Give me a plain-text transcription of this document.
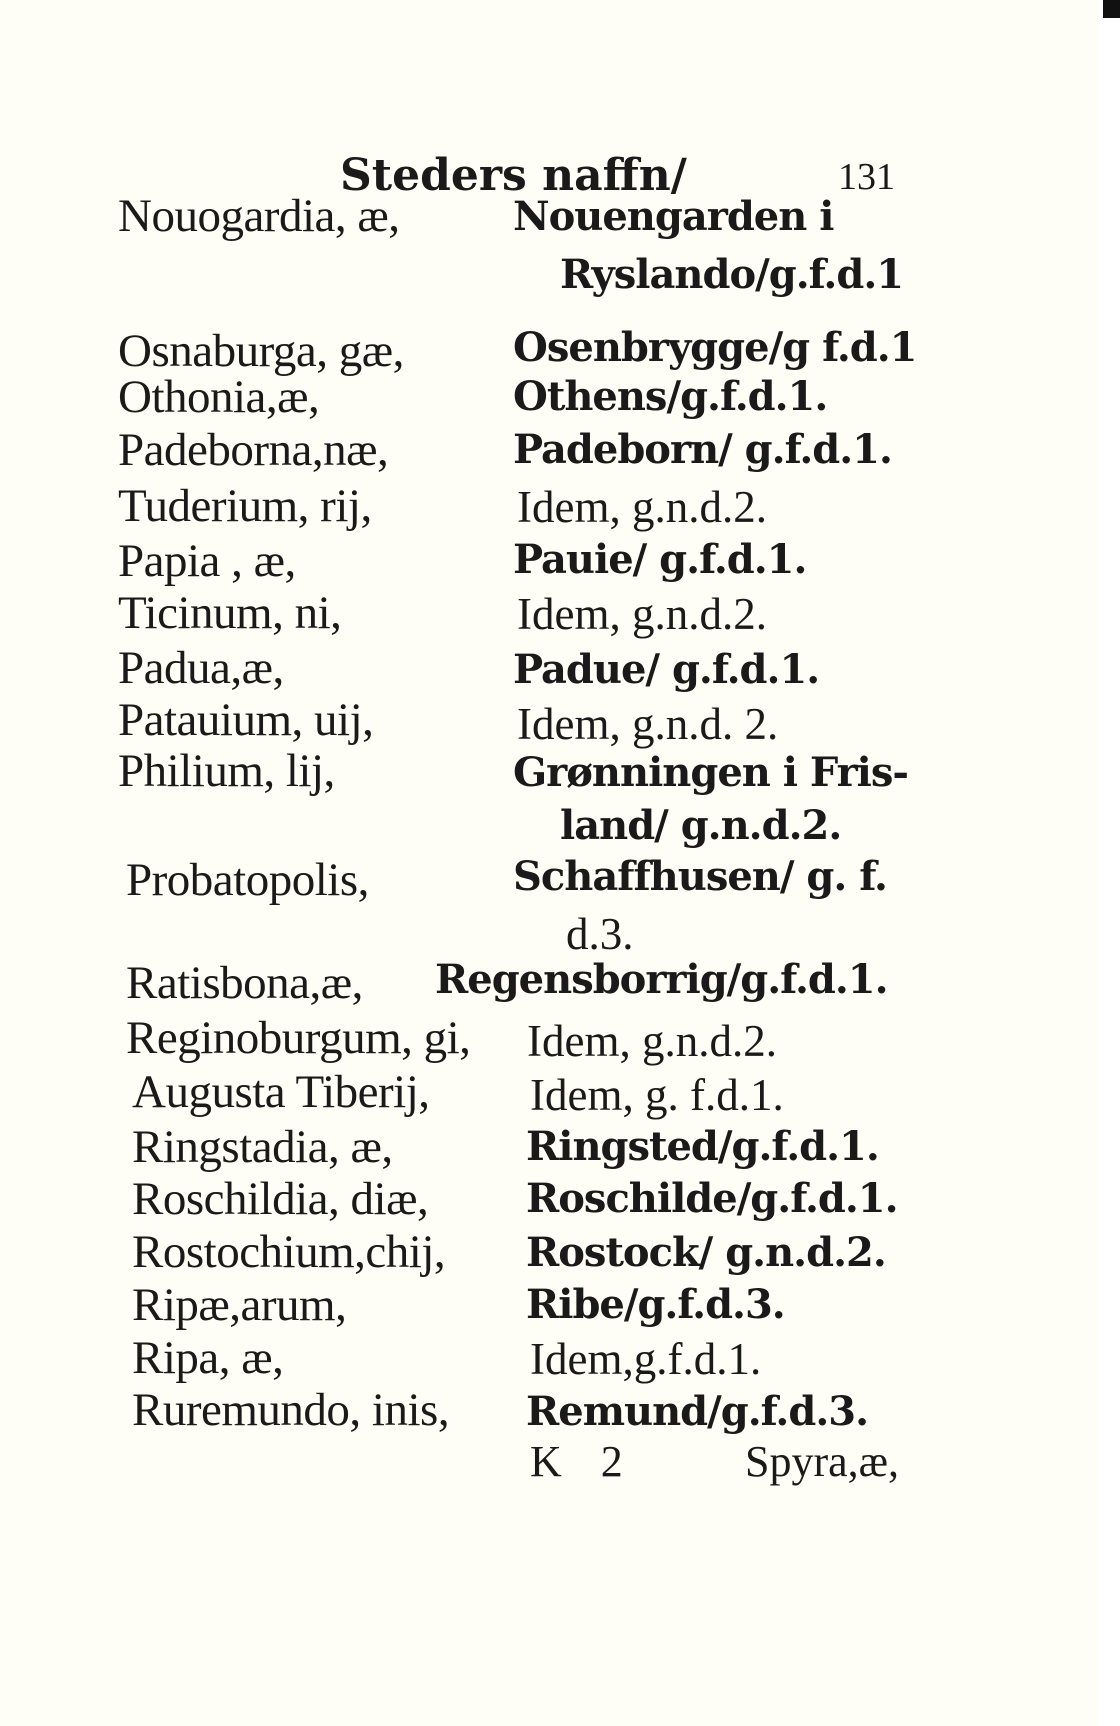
Steders naffn/	131
Nouogardia, æ,	Nouengarden i
Ryslando/g.f.d.1
Osnaburga, gæ,	Osenbrygge/g f.d.1
Othonia,æ,	Othens/g.f.d.1.
Padeborna,næ,	Padeborn/ g.f.d.1.
Tuderium, rij,	Idem, g.n.d.2.
Papia , æ,	Pauie/ g.f.d.1.
Ticinum, ni,	Idem, g.n.d.2.
Padua,æ,	Padue/ g.f.d.1.
Patauium, uij,	Idem, g.n.d. 2.
Philium, lij,	Grønningen i Fris-
land/ g.n.d.2.
Probatopolis,	Schaffhusen/ g. f.
d.3.
Ratisbona,æ, Regensborrig/g.f.d.1.
Reginoburgum, gi, Idem, g.n.d.2.
Augusta Tiberij, Idem, g. f.d.1.
Ringstadia, æ,	Ringsted/g.f.d.1.
Roschildia, diæ, Roschilde/g.f.d.1.
Rostochium,chij, Rostock/ g.n.d.2.
Ripæ,arum,	Ribe/g.f.d.3.
Ripa, æ,	Idem,g.f.d.1.
Ruremundo, inis, Remund/g.f.d.3.
K 2 Spyra,æ,
